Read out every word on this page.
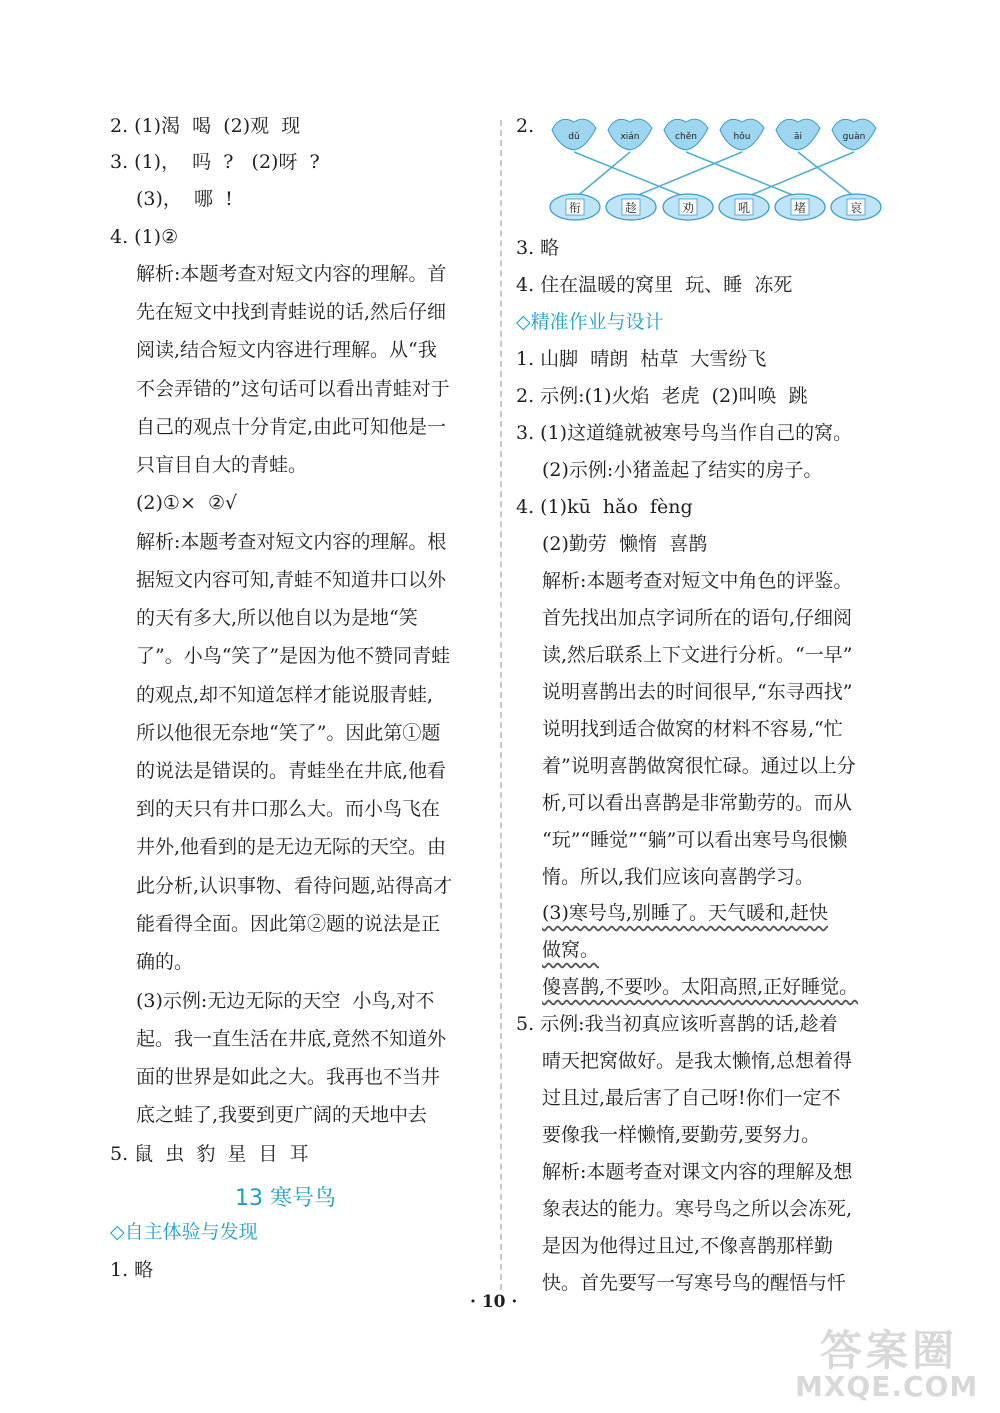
2. (1)渴  喝  (2)观  现
3. (1)，  吗  ?   (2)呀  ?
(3)，  哪  !
4. (1)②
解析:本题考查对短文内容的理解。首
先在短文中找到青蛙说的话,然后仔细
阅读,结合短文内容进行理解。从“我
不会弄错的”这句话可以看出青蛙对于
自己的观点十分肯定,由此可知他是一
只盲目自大的青蛙。
(2)①×  ②√
解析:本题考查对短文内容的理解。根
据短文内容可知,青蛙不知道井口以外
的天有多大,所以他自以为是地“笑
了”。小鸟“笑了”是因为他不赞同青蛙
的观点,却不知道怎样才能说服青蛙,
所以他很无奈地“笑了”。因此第①题
的说法是错误的。青蛙坐在井底,他看
到的天只有井口那么大。而小鸟飞在
井外,他看到的是无边无际的天空。由
此分析,认识事物、看待问题,站得高才
能看得全面。因此第②题的说法是正
确的。
(3)示例:无边无际的天空  小鸟,对不
起。我一直生活在井底,竟然不知道外
面的世界是如此之大。我再也不当井
底之蛙了,我要到更广阔的天地中去
5. 鼠  虫  豹  星  目  耳
13 寒号鸟
◇自主体验与发现
1. 略
2.	dǔ	xián	chěn	hǒu	āi	guàn
衔	趁	劝	吼	堵	哀
3. 略
4. 住在温暖的窝里  玩、睡  冻死
◇精准作业与设计
1. 山脚  晴朗  枯草  大雪纷飞
2. 示例:(1)火焰  老虎  (2)叫唤  跳
3. (1)这道缝就被寒号鸟当作自己的窝。
(2)示例:小猪盖起了结实的房子。
4. (1)kū  hǎo  fèng
(2)勤劳  懒惰  喜鹊
解析:本题考查对短文中角色的评鉴。
首先找出加点字词所在的语句,仔细阅
读,然后联系上下文进行分析。“一早”
说明喜鹊出去的时间很早,“东寻西找”
说明找到适合做窝的材料不容易,“忙
着”说明喜鹊做窝很忙碌。通过以上分
析,可以看出喜鹊是非常勤劳的。而从
“玩”“睡觉”“躺”可以看出寒号鸟很懒
惰。所以,我们应该向喜鹊学习。
(3)寒号鸟,别睡了。天气暖和,赶快
做窝。
傻喜鹊,不要吵。太阳高照,正好睡觉。
5. 示例:我当初真应该听喜鹊的话,趁着
晴天把窝做好。是我太懒惰,总想着得
过且过,最后害了自己呀!你们一定不
要像我一样懒惰,要勤劳,要努力。
解析:本题考查对课文内容的理解及想
象表达的能力。寒号鸟之所以会冻死,
是因为他得过且过,不像喜鹊那样勤
快。首先要写一写寒号鸟的醒悟与忏
· 10 ·
答案圈
MXQE.COM
